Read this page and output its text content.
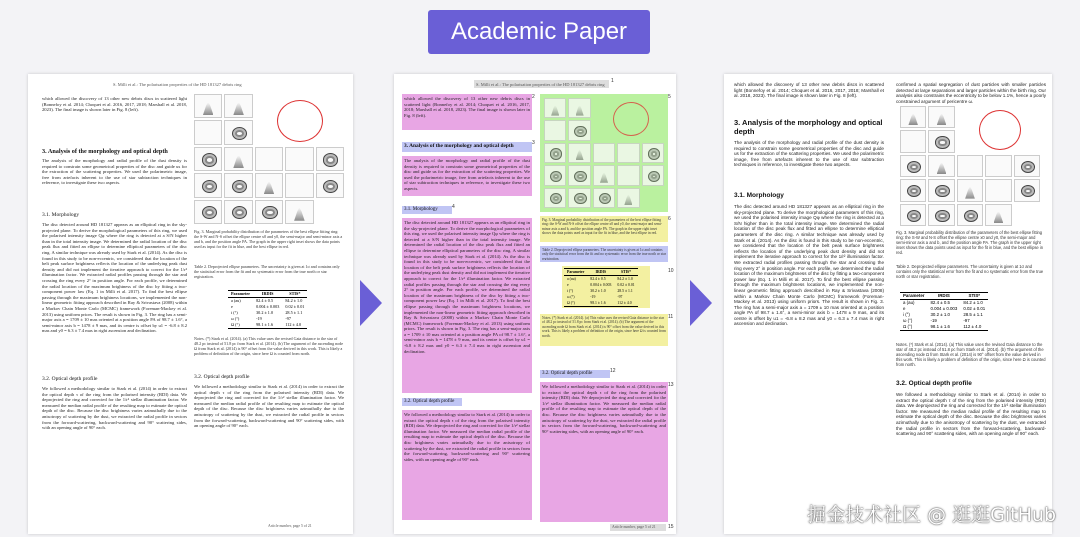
Academic Paper
S. Milli et al.: The polarisation properties of the HD 181327 debris ring
which allowed the discovery of 13 other new debris discs in scattered light (Bonnefoy et al. 2014; Choquet et al. 2016, 2017, 2018; Marshall et al. 2018, 2023). The final image is shown later in Fig. 8 (left).
3. Analysis of the morphology and optical depth
The analysis of the morphology and radial profile of the dust density is required to constrain some geometrical properties of the disc and guide us for the extraction of the scattering properties. We used the polarimetric image, free from artefacts inherent to the use of star subtraction techniques in reference, to investigate these two aspects.
3.1. Morphology
The disc detected around HD 181327 appears as an elliptical ring in the sky-projected plane. To derive the morphological parameters of this ring, we used the polarised intensity image Qφ where the ring is detected at a S/N higher than in the total intensity image. We determined the radial location of the disc peak flux and fitted an ellipse to determine elliptical parameters of the disc ring. A similar technique was already used by Stark et al. (2014). As the disc is found in this study to be non-eccentric, we considered that the location of the belt peak surface brightness reflects the location of the underlying peak dust density and did not implement the iterative approach to correct for the 1/r² illumination factor. We extracted radial profiles passing through the star and crossing the ring every 2° in position angle. For each profile, we determined the radial location of the maximum brightness of the disc by fitting a two-component power law (Eq. 1 in Milli et al. 2017). To find the best ellipse passing through the maximum brightness locations, we implemented the non-linear geometric fitting approach described in Ray & Srivastava (2008) within a Markov Chain Monte Carlo (MCMC) framework (Foreman-Mackey et al. 2013) using uniform priors. The result is shown in Fig. 3. The ring has a semi-major axis a = 1709 ± 10 mas oriented at a position angle PA of 98.7 ± 1.6°, a semi-minor axis b = 1478 ± 9 mas, and its centre is offset by u1 = -6.8 ± 8.2 mas and y0 = 6.3 ± 7.4 mas in right ascension and declination.
3.2. Optical depth profile
We followed a methodology similar to Stark et al. (2014) in order to extract the optical depth τ of the ring from the polarised intensity (RDI) data. We deprojected the ring and corrected for the 1/r² stellar illumination factor. We measured the median radial profile of the resulting map to estimate the optical depth of the disc. Because the disc brightness varies azimuthally due to the anisotropy of scattering by the dust, we extracted the radial profile in sectors from the forward-scattering, backward-scattering and 90° scattering sides, with an opening angle of 90° each.
Fig. 3. Marginal probability distribution of the parameters of the best ellipse fitting ring: the S-W and N-S offset the ellipse centre x0 and y0, the semi-major and semi-minor axis a and b, and the position angle PA. The graph in the upper right inset shows the data points used as input for the fit in blue, and the best ellipse in red.
Table 2. Deprojected ellipse parameters. The uncertainty is given at 1σ and contains only the statistical error from the fit and no systematic error from the true north or star registration.
Parameter	IRDIS	STIS*
a (au)	82.4 ± 0.5	84.2 ± 1.0
e	0.004 ± 0.003	0.02 ± 0.01
i (°)	30.2 ± 1.0	28.5 ± 1.1
ω (°)	-19	-97
Ω (°)	98.1 ± 1.6	112 ± 4.0
Notes. (*) Stark et al. (2014). (a) This value uses the revised Gaia distance to the star of 48.2 pc instead of 51.8 pc from Stark et al. (2014). (b) The argument of the ascending node Ω from Stark et al. (2014) is 90° offset from the value derived in this work. This is likely a problem of definition of the origin, since here Ω is counted from north.
3.2. Optical depth profile
We followed a methodology similar to Stark et al. (2014) in order to extract the optical depth τ of the ring from the polarised intensity (RDI) data. We deprojected the ring and corrected for the 1/r² stellar illumination factor. We measured the median radial profile of the resulting map to estimate the optical depth of the disc. Because the disc brightness varies azimuthally due to the anisotropy of scattering by the dust, we extracted the radial profile in sectors from the forward-scattering, backward-scattering and 90° scattering sides, with an opening angle of 90° each.
Article number, page 5 of 21
S. Milli et al.: The polarisation properties of the HD 181327 debris ring
1
which allowed the discovery of 13 other new debris discs in scattered light (Bonnefoy et al. 2014; Choquet et al. 2016, 2017, 2018; Marshall et al. 2018, 2023). The final image is shown later in Fig. 8 (left).
2
3. Analysis of the morphology and optical depth	3
The analysis of the morphology and radial profile of the dust density is required to constrain some geometrical properties of the disc and guide us for the extraction of the scattering properties. We used the polarimetric image, free from artefacts inherent to the use of star subtraction techniques in reference, to investigate these two aspects.
3.1. Morphology	4
The disc detected around HD 181327 appears as an elliptical ring in the sky-projected plane. To derive the morphological parameters of this ring, we used the polarised intensity image Qφ where the ring is detected at a S/N higher than in the total intensity image. We determined the radial location of the disc peak flux and fitted an ellipse to determine elliptical parameters of the disc ring. A similar technique was already used by Stark et al. (2014). As the disc is found in this study to be non-eccentric, we considered that the location of the belt peak surface brightness reflects the location of the underlying peak dust density and did not implement the iterative approach to correct for the 1/r² illumination factor. We extracted radial profiles passing through the star and crossing the ring every 2° in position angle. For each profile, we determined the radial location of the maximum brightness of the disc by fitting a two-component power law (Eq. 1 in Milli et al. 2017). To find the best ellipse passing through the maximum brightness locations, we implemented the non-linear geometric fitting approach described in Ray & Srivastava (2008) within a Markov Chain Monte Carlo (MCMC) framework (Foreman-Mackey et al. 2013) using uniform priors. The result is shown in Fig. 3. The ring has a semi-major axis a = 1709 ± 10 mas oriented at a position angle PA of 98.7 ± 1.6°, a semi-minor axis b = 1478 ± 9 mas, and its centre is offset by u1 = -6.8 ± 8.2 mas and y0 = 6.3 ± 7.4 mas in right ascension and declination.
3.2. Optical depth profile
We followed a methodology similar to Stark et al. (2014) in order to extract the optical depth τ of the ring from the polarised intensity (RDI) data. We deprojected the ring and corrected for the 1/r² stellar illumination factor. We measured the median radial profile of the resulting map to estimate the optical depth of the disc. Because the disc brightness varies azimuthally due to the anisotropy of scattering by the dust, we extracted the radial profile in sectors from the forward-scattering, backward-scattering and 90° scattering sides, with an opening angle of 90° each.
5
Fig. 3. Marginal probability distribution of the parameters of the best ellipse fitting ring: the S-W and N-S offset the ellipse centre x0 and y0, the semi-major and semi-minor axis a and b, and the position angle PA. The graph in the upper right inset shows the data points used as input for the fit in blue, and the best ellipse in red.
6
Table 2. Deprojected ellipse parameters. The uncertainty is given at 1σ and contains only the statistical error from the fit and no systematic error from the true north or star registration.
Parameter	IRDIS	STIS*
a (au)	82.4 ± 0.5	84.2 ± 1.0
e	0.004 ± 0.003	0.02 ± 0.01
i (°)	30.2 ± 1.0	28.5 ± 1.1
ω (°)	-19	-97
Ω (°)	98.1 ± 1.6	112 ± 4.0
10
Notes. (*) Stark et al. (2014). (a) This value uses the revised Gaia distance to the star of 48.2 pc instead of 51.8 pc from Stark et al. (2014). (b) The argument of the ascending node Ω from Stark et al. (2014) is 90° offset from the value derived in this work. This is likely a problem of definition of the origin, since here Ω is counted from north.
11
3.2. Optical depth profile	12
We followed a methodology similar to Stark et al. (2014) in order to extract the optical depth τ of the ring from the polarised intensity (RDI) data. We deprojected the ring and corrected for the 1/r² stellar illumination factor. We measured the median radial profile of the resulting map to estimate the optical depth of the disc. Because the disc brightness varies azimuthally due to the anisotropy of scattering by the dust, we extracted the radial profile in sectors from the forward-scattering, backward-scattering and 90° scattering sides, with an opening angle of 90° each.
13
Article number, page 5 of 21 15
which allowed the discovery of 13 other new debris discs in scattered light (Bonnefoy et al. 2014; Choquet et al. 2016, 2017, 2018; Marshall et al. 2018, 2023). The final image is shown later in Fig. 8 (left).
3. Analysis of the morphology and optical depth
The analysis of the morphology and radial profile of the dust density is required to constrain some geometrical properties of the disc and guide us for the extraction of the scattering properties. We used the polarimetric image, free from artefacts inherent to the use of star subtraction techniques in reference, to investigate these two aspects.
3.1. Morphology
The disc detected around HD 181327 appears as an elliptical ring in the sky-projected plane. To derive the morphological parameters of this ring, we used the polarised intensity image Qφ where the ring is detected at a S/N higher than in the total intensity image. We determined the radial location of the disc peak flux and fitted an ellipse to determine elliptical parameters of the disc ring. A similar technique was already used by Stark et al. (2014). As the disc is found in this study to be non-eccentric, we considered that the location of the belt peak surface brightness reflects the location of the underlying peak dust density and did not implement the iterative approach to correct for the 1/r² illumination factor. We extracted radial profiles passing through the star and crossing the ring every 2° in position angle. For each profile, we determined the radial location of the maximum brightness of the disc by fitting a two-component power law (Eq. 1 in Milli et al. 2017). To find the best ellipse passing through the maximum brightness locations, we implemented the non-linear geometric fitting approach described in Ray & Srivastava (2008) within a Markov Chain Monte Carlo (MCMC) framework (Foreman-Mackey et al. 2013) using uniform priors. The result is shown in Fig. 3. The ring has a semi-major axis a = 1709 ± 10 mas oriented at a position angle PA of 98.7 ± 1.6°, a semi-minor axis b = 1478 ± 9 mas, and its centre is offset by u1 = -6.8 ± 8.2 mas and y0 = 6.3 ± 7.4 mas in right ascension and declination.
confirmed a spatial segregation of dust particles with smaller particles detected at large separations and larger particles within the birth ring. Our analysis also constrains the eccentricity to be below 1.1%, hence a poorly constrained argument of pericentre ω.
Fig. 3. Marginal probability distribution of the parameters of the best ellipse fitting ring: the S-W and N-S offset the ellipse centre x0 and y0, the semi-major and semi-minor axis a and b, and the position angle PA. The graph in the upper right inset shows the data points used as input for the fit in blue, and the best ellipse in red.
Table 2. Deprojected ellipse parameters. The uncertainty is given at 1σ and contains only the statistical error from the fit and no systematic error from the true north or star registration.
Parameter	IRDIS	STIS*
a (au)	82.4 ± 0.5	84.2 ± 1.0
e	0.004 ± 0.003	0.02 ± 0.01
i (°)	30.2 ± 1.0	28.5 ± 1.1
ω (°)	-19	-97
Ω (°)	98.1 ± 1.6	112 ± 4.0
Notes. (*) Stark et al. (2014). (a) This value uses the revised Gaia distance to the star of 48.2 pc instead of 51.8 pc from Stark et al. (2014). (b) The argument of the ascending node Ω from Stark et al. (2014) is 90° offset from the value derived in this work. This is likely a problem of definition of the origin, since here Ω is counted from north.
3.2. Optical depth profile
We followed a methodology similar to Stark et al. (2014) in order to extract the optical depth τ of the ring from the polarised intensity (RDI) data. We deprojected the ring and corrected for the 1/r² stellar illumination factor. We measured the median radial profile of the resulting map to estimate the optical depth of the disc. Because the disc brightness varies azimuthally due to the anisotropy of scattering by the dust, we extracted the radial profile in sectors from the forward-scattering, backward-scattering and 90° scattering sides, with an opening angle of 90° each.
掘金技术社区 @ 逛逛GitHub
